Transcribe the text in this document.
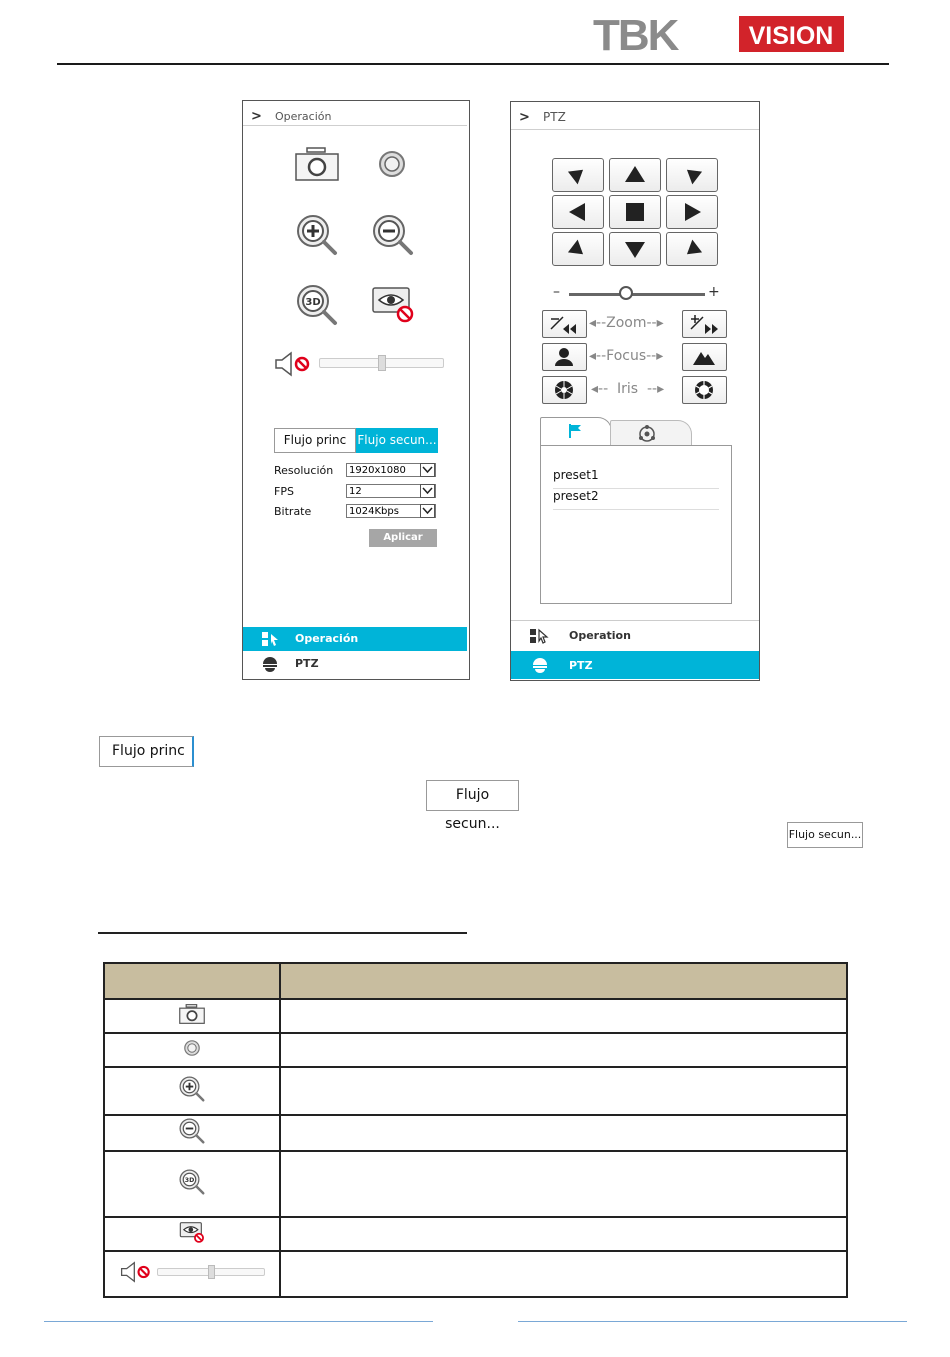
TBK	VISION
> Operación
3D
Flujo princ Flujo secun...
Resolución	1920x1080
FPS	12
Bitrate	1024Kbps
Aplicar
Operación
PTZ
> PTZ
–	+
◂--Zoom--▸
◂--Focus--▸
◂--  Iris  --▸
preset1
preset2
Operation
PTZ
Flujo princ
Flujo secun...
Flujo secun...

3D	
